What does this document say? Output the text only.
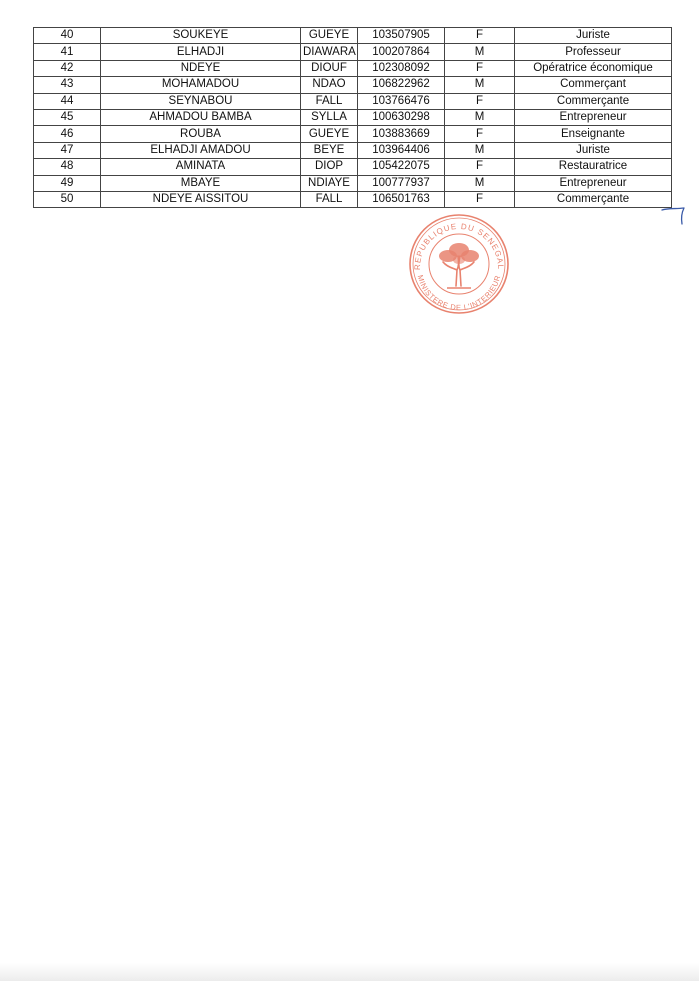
40	SOUKEYE	GUEYE	103507905	F	Juriste
41	ELHADJI	DIAWARA	100207864	M	Professeur
42	NDEYE	DIOUF	102308092	F	Opératrice économique
43	MOHAMADOU	NDAO	106822962	M	Commerçant
44	SEYNABOU	FALL	103766476	F	Commerçante
45	AHMADOU BAMBA	SYLLA	100630298	M	Entrepreneur
46	ROUBA	GUEYE	103883669	F	Enseignante
47	ELHADJI AMADOU	BEYE	103964406	M	Juriste
48	AMINATA	DIOP	105422075	F	Restauratrice
49	MBAYE	NDIAYE	100777937	M	Entrepreneur
50	NDEYE AISSITOU	FALL	106501763	F	Commerçante
REPUBLIQUE DU SENEGAL
MINISTERE DE L'INTERIEUR
